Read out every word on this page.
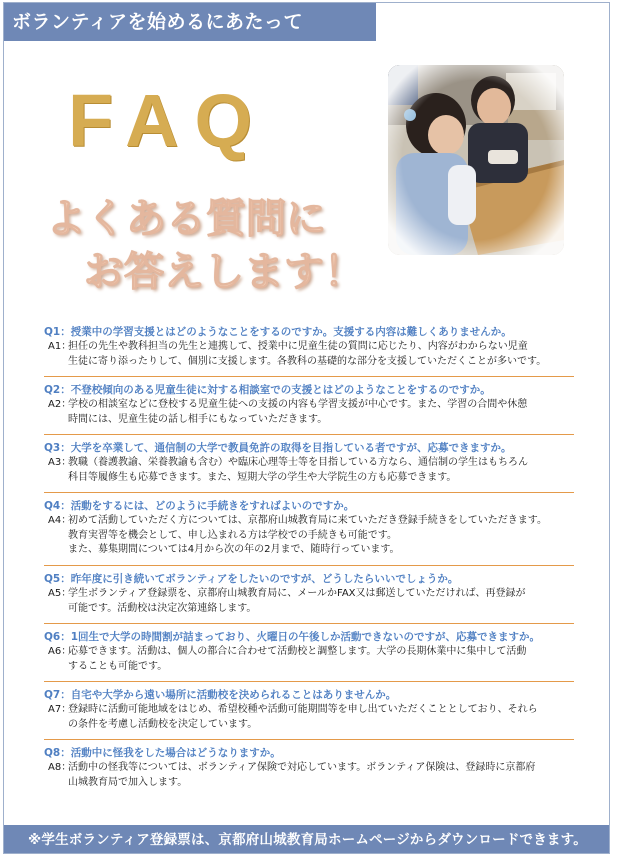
ボランティアを始めるにあたって
FAQ
よくある質問に
お答えします！
Q1：授業中の学習支援とはどのようなことをするのですか。支援する内容は難しくありませんか。
A1：
担任の先生や教科担当の先生と連携して、授業中に児童生徒の質問に応じたり、内容がわからない児童
生徒に寄り添ったりして、個別に支援します。各教科の基礎的な部分を支援していただくことが多いです。
Q2：不登校傾向のある児童生徒に対する相談室での支援とはどのようなことをするのですか。
A2：
学校の相談室などに登校する児童生徒への支援の内容も学習支援が中心です。また、学習の合間や休憩
時間には、児童生徒の話し相手にもなっていただきます。
Q3：大学を卒業して、通信制の大学で教員免許の取得を目指している者ですが、応募できますか。
A3：
教職（養護教諭、栄養教諭も含む）や臨床心理等士等を目指している方なら、通信制の学生はもちろん
科目等履修生も応募できます。また、短期大学の学生や大学院生の方も応募できます。
Q4：活動をするには、どのように手続きをすればよいのですか。
A4：
初めて活動していただく方については、京都府山城教育局に来ていただき登録手続きをしていただきます。
教育実習等を機会として、申し込まれる方は学校での手続きも可能です。
また、募集期間については4月から次の年の2月まで、随時行っています。
Q5：昨年度に引き続いてボランティアをしたいのですが、どうしたらいいでしょうか。
A5：
学生ボランティア登録票を、京都府山城教育局に、メールかFAX又は郵送していただければ、再登録が
可能です。活動校は決定次第連絡します。
Q6：1回生で大学の時間割が詰まっており、火曜日の午後しか活動できないのですが、応募できますか。
A6：
応募できます。活動は、個人の都合に合わせて活動校と調整します。大学の長期休業中に集中して活動
することも可能です。
Q7：自宅や大学から遠い場所に活動校を決められることはありませんか。
A7：
登録時に活動可能地域をはじめ、希望校種や活動可能期間等を申し出ていただくこととしており、それら
の条件を考慮し活動校を決定しています。
Q8：活動中に怪我をした場合はどうなりますか。
A8：
活動中の怪我等については、ボランティア保険で対応しています。ボランティア保険は、登録時に京都府
山城教育局で加入します。
※学生ボランティア登録票は、京都府山城教育局ホームページからダウンロードできます。
